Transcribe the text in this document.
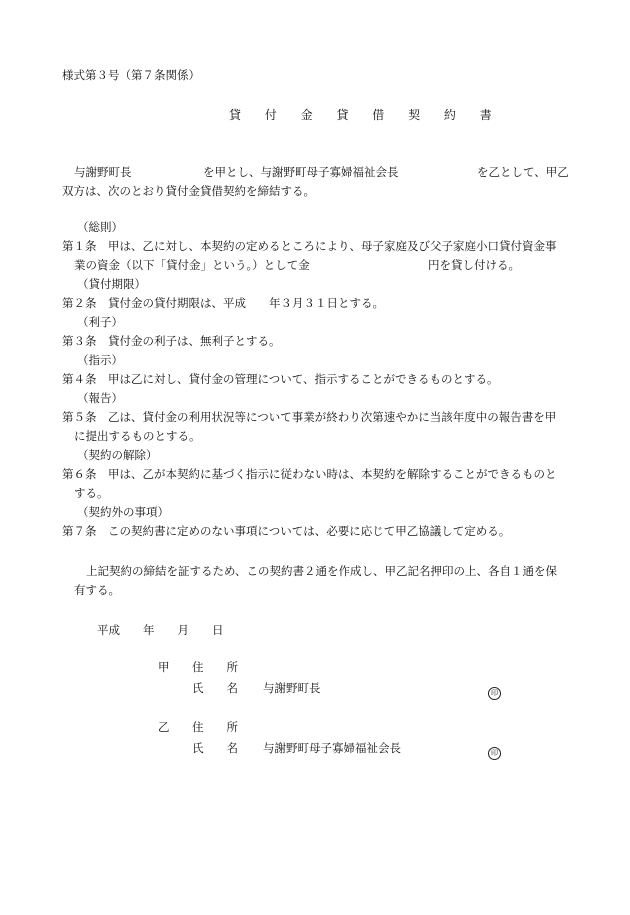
様式第３号（第７条関係）
貸 付 金 貸 借 契 約 書
与謝野町長	を甲とし、与謝野町母子寡婦福祉会長	を乙として、甲乙
双方は、次のとおり貸付金貸借契約を締結する。
（総則）
第１条　甲は、乙に対し、本契約の定めるところにより、母子家庭及び父子家庭小口貸付資金事
業の資金（以下「貸付金」という。）として金	円を貸し付ける。
（貸付期限）
第２条　貸付金の貸付期限は、平成　　年３月３１日とする。
（利子）
第３条　貸付金の利子は、無利子とする。
（指示）
第４条　甲は乙に対し、貸付金の管理について、指示することができるものとする。
（報告）
第５条　乙は、貸付金の利用状況等について事業が終わり次第速やかに当該年度中の報告書を甲
に提出するものとする。
（契約の解除）
第６条　甲は、乙が本契約に基づく指示に従わない時は、本契約を解除することができるものと
する。
（契約外の事項）
第７条　この契約書に定めのない事項については、必要に応じて甲乙協議して定める。
上記契約の締結を証するため、この契約書２通を作成し、甲乙記名押印の上、各自１通を保
有する。
平成　　年　　月　　日
甲 住　　所
氏　　名 与謝野町長	印
乙 住　　所
氏　　名 与謝野町母子寡婦福祉会長	印
